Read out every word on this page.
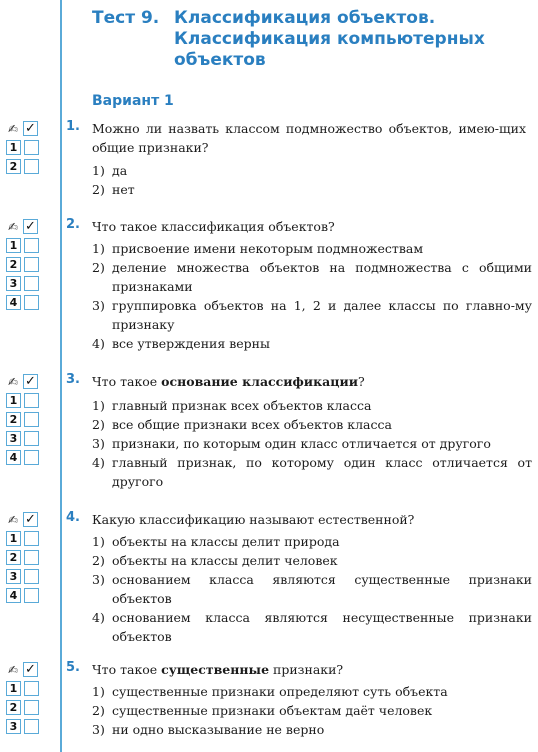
Тест 9. Классификация объектов.
Классификация компьютерных
объектов
Вариант 1
✍ ✓
1
2
1. Можно ли назвать классом подмножество объектов, имею-щих общие признаки?
1) да
2) нет
✍ ✓
1
2
3
4
2. Что такое классификация объектов?
1) присвоение имени некоторым подмножествам
2) деление множества объектов на подмножества с общими признаками
3) группировка объектов на 1, 2 и далее классы по главно-му признаку
4) все утверждения верны
✍ ✓
1
2
3
4
3. Что такое основание классификации?
1) главный признак всех объектов класса
2) все общие признаки всех объектов класса
3) признаки, по которым один класс отличается от другого
4) главный признак, по которому один класс отличается от другого
✍ ✓
1
2
3
4
4. Какую классификацию называют естественной?
1) объекты на классы делит природа
2) объекты на классы делит человек
3) основанием класса являются существенные признаки объектов
4) основанием класса являются несущественные признаки объектов
✍ ✓
1
2
3
5. Что такое существенные признаки?
1) существенные признаки определяют суть объекта
2) существенные признаки объектам даёт человек
3) ни одно высказывание не верно
